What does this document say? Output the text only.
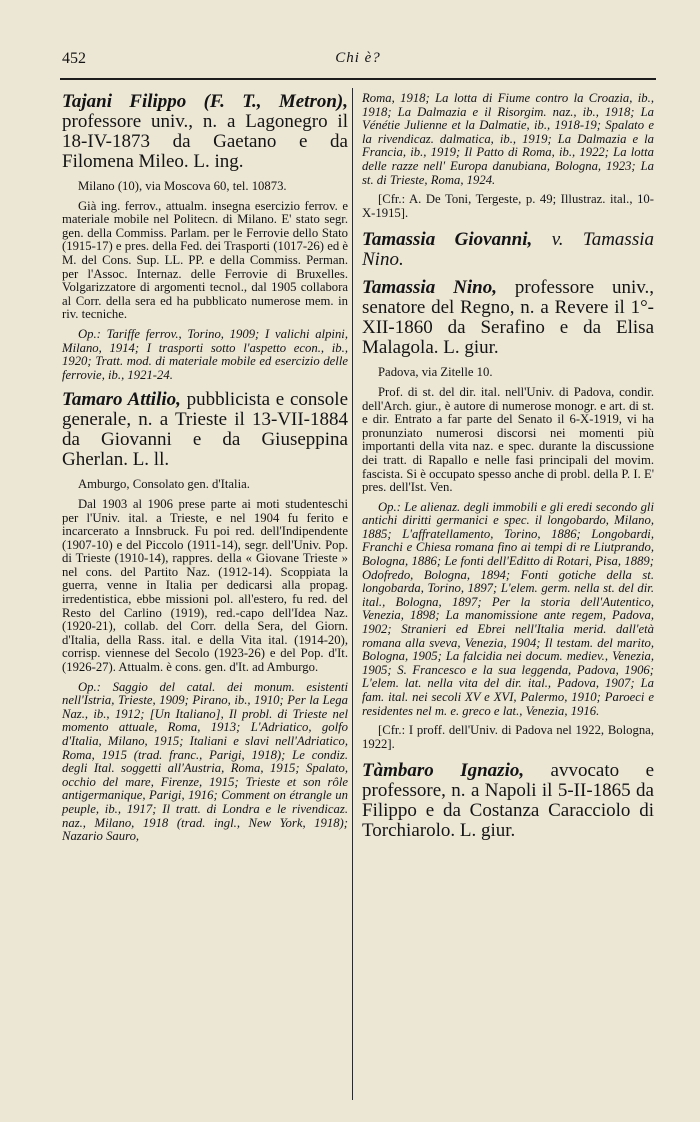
452	Chi è?
Tajani Filippo (F. T., Metron), professore univ., n. a Lagonegro il 18-IV-1873 da Gaetano e da Filomena Mileo. L. ing.
Milano (10), via Moscova 60, tel. 10873.
Già ing. ferrov., attualm. insegna esercizio ferrov. e materiale mobile nel Politecn. di Milano. E' stato segr. gen. della Commiss. Parlam. per le Ferrovie dello Stato (1915-17) e pres. della Fed. dei Trasporti (1017-26) ed è M. del Cons. Sup. LL. PP. e della Commiss. Perman. per l'Assoc. Internaz. delle Ferrovie di Bruxelles. Volgarizzatore di argomenti tecnol., dal 1905 collabora al Corr. della sera ed ha pubblicato numerose mem. in riv. tecniche.
Op.: Tariffe ferrov., Torino, 1909; I valichi alpini, Milano, 1914; I trasporti sotto l'aspetto econ., ib., 1920; Tratt. mod. di materiale mobile ed esercizio delle ferrovie, ib., 1921-24.
Tamaro Attilio, pubblicista e console generale, n. a Trieste il 13-VII-1884 da Giovanni e da Giuseppina Gherlan. L. ll.
Amburgo, Consolato gen. d'Italia.
Dal 1903 al 1906 prese parte ai moti studenteschi per l'Univ. ital. a Trieste, e nel 1904 fu ferito e incarcerato a Innsbruck. Fu poi red. dell'Indipendente (1907-10) e del Piccolo (1911-14), segr. dell'Univ. Pop. di Trieste (1910-14), rappres. della « Giovane Trieste » nel cons. del Partito Naz. (1912-14). Scoppiata la guerra, venne in Italia per dedicarsi alla propag. irredentistica, ebbe missioni pol. all'estero, fu red. del Resto del Carlino (1919), red.-capo dell'Idea Naz. (1920-21), collab. del Corr. della Sera, del Giorn. d'Italia, della Rass. ital. e della Vita ital. (1914-20), corrisp. viennese del Secolo (1923-26) e del Pop. d'It. (1926-27). Attualm. è cons. gen. d'It. ad Amburgo.
Op.: Saggio del catal. dei monum. esistenti nell'Istria, Trieste, 1909; Pirano, ib., 1910; Per la Lega Naz., ib., 1912; [Un Italiano], Il probl. di Trieste nel momento attuale, Roma, 1913; L'Adriatico, golfo d'Italia, Milano, 1915; Italiani e slavi nell'Adriatico, Roma, 1915 (trad. franc., Parigi, 1918); Le condiz. degli Ital. soggetti all'Austria, Roma, 1915; Spalato, occhio del mare, Firenze, 1915; Trieste et son rôle antigermanique, Parigi, 1916; Comment on étrangle un peuple, ib., 1917; Il tratt. di Londra e le rivendicaz. naz., Milano, 1918 (trad. ingl., New York, 1918); Nazario Sauro,
Roma, 1918; La lotta di Fiume contro la Croazia, ib., 1918; La Dalmazia e il Risorgim. naz., ib., 1918; La Vénétie Julienne et la Dalmatie, ib., 1918-19; Spalato e la rivendicaz. dalmatica, ib., 1919; La Dalmazia e la Francia, ib., 1919; Il Patto di Roma, ib., 1922; La lotta delle razze nell' Europa danubiana, Bologna, 1923; La st. di Trieste, Roma, 1924.
[Cfr.: A. De Toni, Tergeste, p. 49; Illustraz. ital., 10-X-1915].
Tamassia Giovanni, v. Tamassia Nino.
Tamassia Nino, professore univ., senatore del Regno, n. a Revere il 1°-XII-1860 da Serafino e da Elisa Malagola. L. giur.
Padova, via Zitelle 10.
Prof. di st. del dir. ital. nell'Univ. di Padova, condir. dell'Arch. giur., è autore di numerose monogr. e art. di st. e dir. Entrato a far parte del Senato il 6-X-1919, vi ha pronunziato numerosi discorsi nei momenti più importanti della vita naz. e spec. durante la discussione dei tratt. di Rapallo e nelle fasi principali del movim. fascista. Si è occupato spesso anche di probl. della P. I. E' pres. dell'Ist. Ven.
Op.: Le alienaz. degli immobili e gli eredi secondo gli antichi diritti germanici e spec. il longobardo, Milano, 1885; L'affratellamento, Torino, 1886; Longobardi, Franchi e Chiesa romana fino ai tempi di re Liutprando, Bologna, 1886; Le fonti dell'Editto di Rotari, Pisa, 1889; Odofredo, Bologna, 1894; Fonti gotiche della st. longobarda, Torino, 1897; L'elem. germ. nella st. del dir. ital., Bologna, 1897; Per la storia dell'Autentico, Venezia, 1898; La manomissione ante regem, Padova, 1902; Stranieri ed Ebrei nell'Italia merid. dall'età romana alla sveva, Venezia, 1904; Il testam. del marito, Bologna, 1905; La falcidia nei docum. mediev., Venezia, 1905; S. Francesco e la sua leggenda, Padova, 1906; L'elem. lat. nella vita del dir. ital., Padova, 1907; La fam. ital. nei secoli XV e XVI, Palermo, 1910; Paroeci e residentes nel m. e. greco e lat., Venezia, 1916.
[Cfr.: I proff. dell'Univ. di Padova nel 1922, Bologna, 1922].
Tàmbaro Ignazio, avvocato e professore, n. a Napoli il 5-II-1865 da Filippo e da Costanza Caracciolo di Torchiarolo. L. giur.
